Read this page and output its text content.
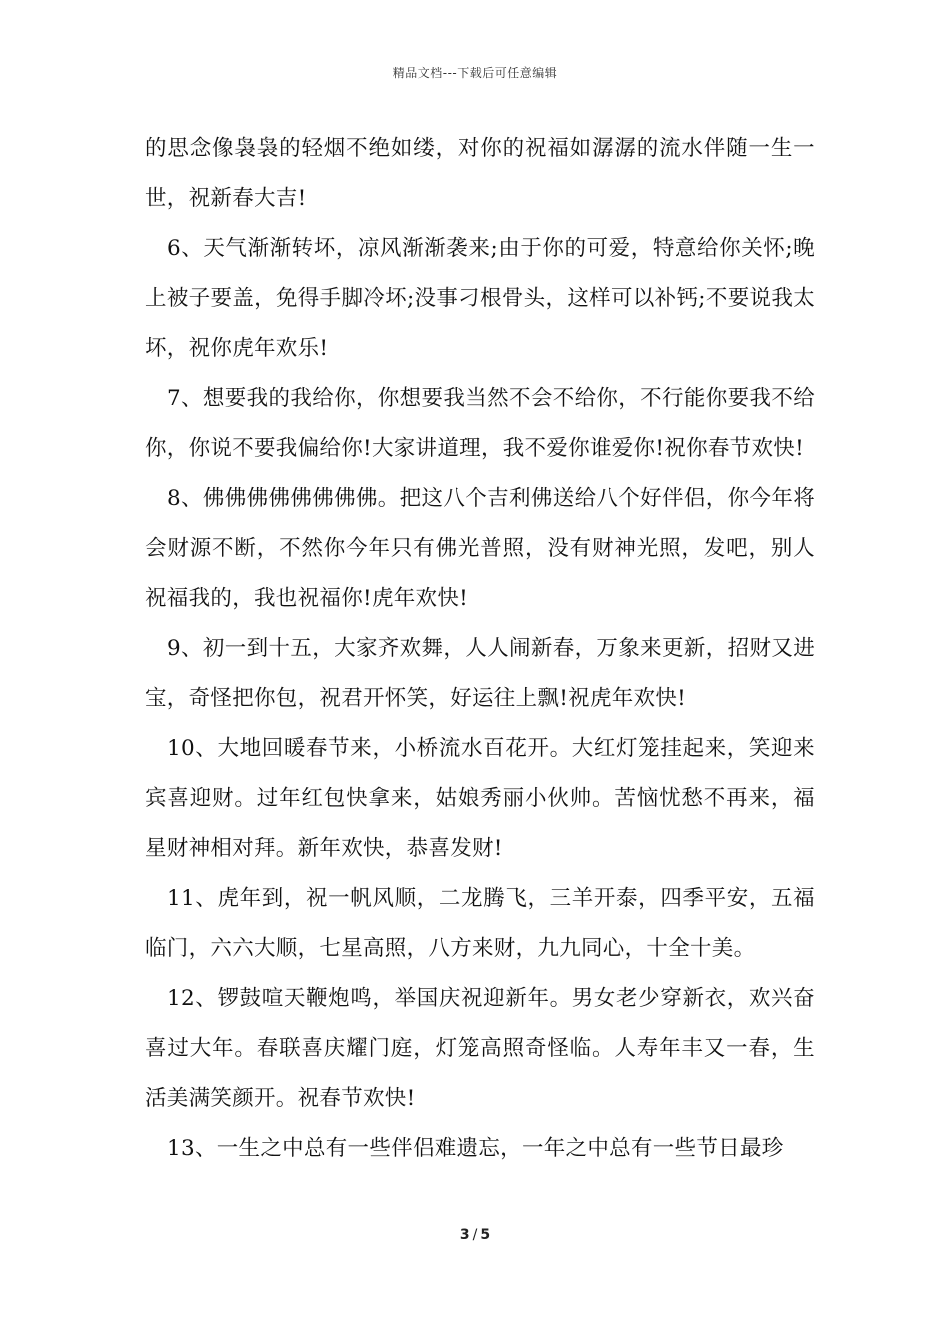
精品文档---下载后可任意编辑

的思念像袅袅的轻烟不绝如缕，对你的祝福如潺潺的流水伴随一生一世，祝新春大吉!

6、天气渐渐转坏，凉风渐渐袭来;由于你的可爱，特意给你关怀;晚上被子要盖，免得手脚冷坏;没事刁根骨头，这样可以补钙;不要说我太坏，祝你虎年欢乐!

7、想要我的我给你，你想要我当然不会不给你，不行能你要我不给你，你说不要我偏给你!大家讲道理，我不爱你谁爱你!祝你春节欢快!

8、佛佛佛佛佛佛佛佛。把这八个吉利佛送给八个好伴侣，你今年将会财源不断，不然你今年只有佛光普照，没有财神光照，发吧，别人祝福我的，我也祝福你!虎年欢快!

9、初一到十五，大家齐欢舞，人人闹新春，万象来更新，招财又进宝，奇怪把你包，祝君开怀笑，好运往上飘!祝虎年欢快!

10、大地回暖春节来，小桥流水百花开。大红灯笼挂起来，笑迎来宾喜迎财。过年红包快拿来，姑娘秀丽小伙帅。苦恼忧愁不再来，福星财神相对拜。新年欢快，恭喜发财!

11、虎年到，祝一帆风顺，二龙腾飞，三羊开泰，四季平安，五福临门，六六大顺，七星高照，八方来财，九九同心，十全十美。

12、锣鼓喧天鞭炮鸣，举国庆祝迎新年。男女老少穿新衣，欢兴奋喜过大年。春联喜庆耀门庭，灯笼高照奇怪临。人寿年丰又一春，生活美满笑颜开。祝春节欢快!

13、一生之中总有一些伴侣难遗忘，一年之中总有一些节日最珍

3 / 5
